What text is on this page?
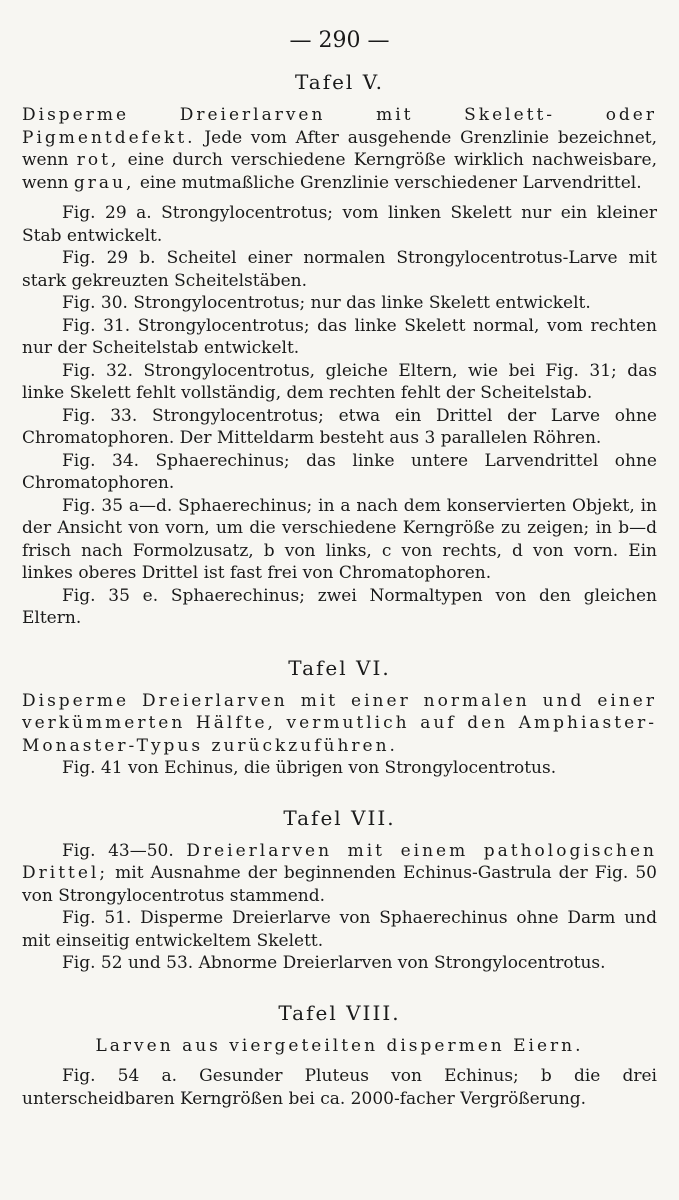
— 290 —
Tafel V.

Disperme Dreierlarven mit Skelett- oder Pigmentdefekt. Jede vom After ausgehende Grenzlinie bezeichnet, wenn rot, eine durch verschiedene Kerngröße wirklich nachweisbare, wenn grau, eine mutmaßliche Grenzlinie verschiedener Larvendrittel.

Fig. 29 a. Strongylocentrotus; vom linken Skelett nur ein kleiner Stab entwickelt.

Fig. 29 b. Scheitel einer normalen Strongylocentrotus-Larve mit stark gekreuzten Scheitelstäben.

Fig. 30. Strongylocentrotus; nur das linke Skelett entwickelt.

Fig. 31. Strongylocentrotus; das linke Skelett normal, vom rechten nur der Scheitelstab entwickelt.

Fig. 32. Strongylocentrotus, gleiche Eltern, wie bei Fig. 31; das linke Skelett fehlt vollständig, dem rechten fehlt der Scheitelstab.

Fig. 33. Strongylocentrotus; etwa ein Drittel der Larve ohne Chromatophoren. Der Mitteldarm besteht aus 3 parallelen Röhren.

Fig. 34. Sphaerechinus; das linke untere Larvendrittel ohne Chromatophoren.

Fig. 35 a—d. Sphaerechinus; in a nach dem konservierten Objekt, in der Ansicht von vorn, um die verschiedene Kerngröße zu zeigen; in b—d frisch nach Formolzusatz, b von links, c von rechts, d von vorn. Ein linkes oberes Drittel ist fast frei von Chromatophoren.

Fig. 35 e. Sphaerechinus; zwei Normaltypen von den gleichen Eltern.

Tafel VI.

Disperme Dreierlarven mit einer normalen und einer verkümmerten Hälfte, vermutlich auf den Amphiaster-Monaster-Typus zurückzuführen.

Fig. 41 von Echinus, die übrigen von Strongylocentrotus.

Tafel VII.

Fig. 43—50. Dreierlarven mit einem pathologischen Drittel; mit Ausnahme der beginnenden Echinus-Gastrula der Fig. 50 von Strongylocentrotus stammend.

Fig. 51. Disperme Dreierlarve von Sphaerechinus ohne Darm und mit einseitig entwickeltem Skelett.

Fig. 52 und 53. Abnorme Dreierlarven von Strongylocentrotus.

Tafel VIII.

Larven aus viergeteilten dispermen Eiern.

Fig. 54 a. Gesunder Pluteus von Echinus; b die drei unterscheidbaren Kerngrößen bei ca. 2000-facher Vergrößerung.
